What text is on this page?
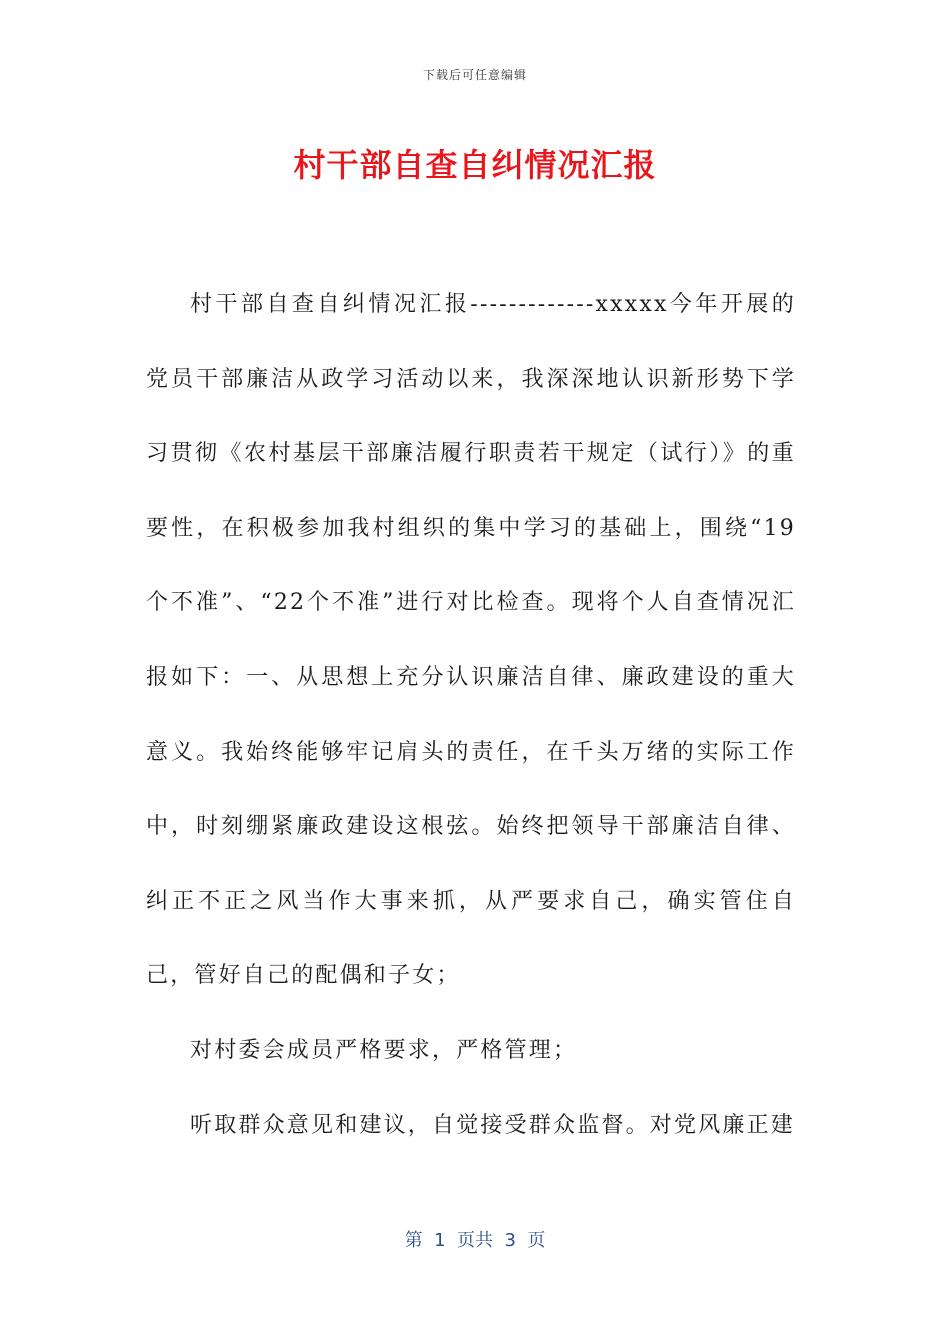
下载后可任意编辑
村干部自查自纠情况汇报

村干部自查自纠情况汇报-------------xxxxx今年开展的党员干部廉洁从政学习活动以来，我深深地认识新形势下学习贯彻《农村基层干部廉洁履行职责若干规定（试行）》的重要性，在积极参加我村组织的集中学习的基础上，围绕“19个不准”、“22个不准”进行对比检查。现将个人自查情况汇报如下：一、从思想上充分认识廉洁自律、廉政建设的重大意义。我始终能够牢记肩头的责任，在千头万绪的实际工作中，时刻绷紧廉政建设这根弦。始终把领导干部廉洁自律、纠正不正之风当作大事来抓，从严要求自己，确实管住自己，管好自己的配偶和子女；

对村委会成员严格要求，严格管理；

听取群众意见和建议，自觉接受群众监督。对党风廉正建

第  1  页共  3  页
